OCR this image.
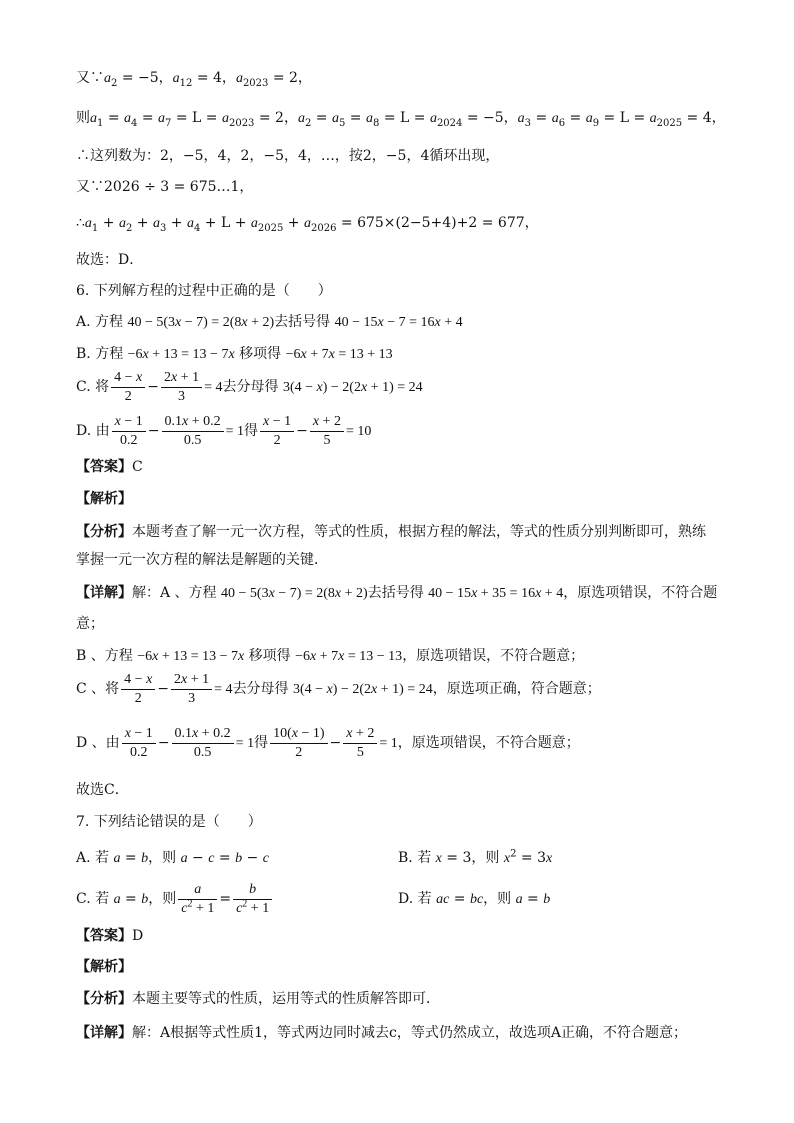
又$\because a_2 = -5$，$a_{12} = 4$，$a_{2023} = 2$，
则$a_1 = a_4 = a_7 = L = a_{2023} = 2$，$a_2 = a_5 = a_8 = L = a_{2024} = -5$，$a_3 = a_6 = a_9 = L = a_{2025} = 4$，
∴这列数为：2，−5，4，2，−5，4，…，按2，−5，4循环出现，
又∵2026 ÷ 3 = 675…1，
$\therefore a_1 + a_2 + a_3 + a_4 + L + a_{2025} + a_{2026} = 675\times(2-5+4)+2 = 677$，
故选：D．
6. 下列解方程的过程中正确的是（　　）
A. 方程 40 − 5(3x − 7) = 2(8x + 2)去括号得 40 − 15x − 7 = 16x + 4
B. 方程 −6x + 13 = 13 − 7x 移项得 −6x + 7x = 13 + 13
C. 将 $\frac{4 - x}{2} - \frac{2x + 1}{3} = 4$去分母得 3(4 − x) − 2(2x + 1) = 24
D. 由 $\frac{x - 1}{0.2} - \frac{0.1x + 0.2}{0.5} = 1$得 $\frac{x - 1}{2} - \frac{x + 2}{5} = 10$
【答案】C
【解析】
【分析】本题考查了解一元一次方程，等式的性质，根据方程的解法，等式的性质分别判断即可，熟练
掌握一元一次方程的解法是解题的关键．
【详解】
解：A 、方程 40 − 5(3x − 7) = 2(8x + 2)去括号得 40 − 15x + 35 = 16x + 4，原选项错误，不符合题
意；
B 、方程 −6x + 13 = 13 − 7x 移项得 −6x + 7x = 13 − 13，原选项错误，不符合题意；
C 、将 $\frac{4 - x}{2} - \frac{2x + 1}{3} = 4$去分母得 3(4 − x) − 2(2x + 1) = 24，原选项正确，符合题意；
D 、由 $\frac{x - 1}{0.2} - \frac{0.1x + 0.2}{0.5} = 1$得 $\frac{10(x - 1)}{2} - \frac{x + 2}{5} = 1$，原选项错误，不符合题意；
故选C．
7. 下列结论错误的是（　　）
A. 若 a = b，则 a − c = b − c	B. 若 x = 3，则 $x^2 = 3x$
C. 若 a = b，则 $\frac{a}{c^2 + 1} = \frac{b}{c^2 + 1}$	D. 若 ac = bc，则 a = b
【答案】D
【解析】
【分析】本题主要等式的性质，运用等式的性质解答即可．
【详解】解：A根据等式性质1，等式两边同时减去c，等式仍然成立，故选项A正确，不符合题意；
